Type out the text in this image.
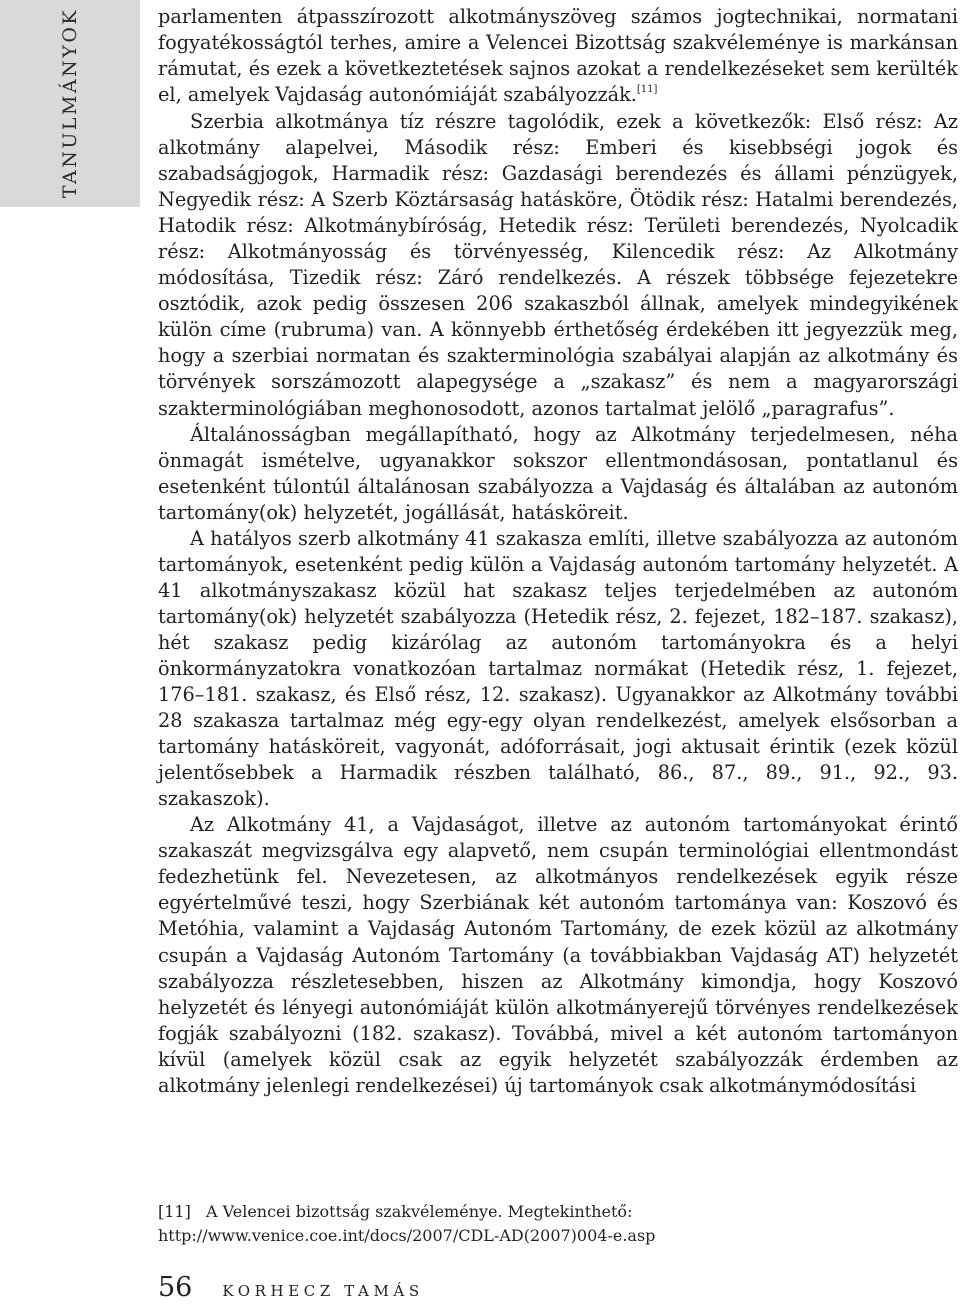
TANULMÁNYOK	parlamenten átpasszírozott alkotmányszöveg számos jogtechnikai, normatani fogyatékosságtól terhes, amire a Velencei Bizottság szakvéleménye is markánsan rámutat, és ezek a következtetések sajnos azokat a rendelkezéseket sem kerülték el, amelyek Vajdaság autonómiáját szabályozzák.[11]

Szerbia alkotmánya tíz részre tagolódik, ezek a következők: Első rész: Az alkotmány alapelvei, Második rész: Emberi és kisebbségi jogok és szabadságjogok, Harmadik rész: Gazdasági berendezés és állami pénzügyek, Negyedik rész: A Szerb Köztársaság hatásköre, Ötödik rész: Hatalmi berendezés, Hatodik rész: Alkotmánybíróság, Hetedik rész: Területi berendezés, Nyolcadik rész: Alkotmányosság és törvényesség, Kilencedik rész: Az Alkotmány módosítása, Tizedik rész: Záró rendelkezés. A részek többsége fejezetekre osztódik, azok pedig összesen 206 szakaszból állnak, amelyek mindegyikének külön címe (rubruma) van. A könnyebb érthetőség érdekében itt jegyezzük meg, hogy a szerbiai normatan és szakterminológia szabályai alapján az alkotmány és törvények sorszámozott alapegysége a „szakasz” és nem a magyarországi szakterminológiában meghonosodott, azonos tartalmat jelölő „paragrafus”.

Általánosságban megállapítható, hogy az Alkotmány terjedelmesen, néha önmagát ismételve, ugyanakkor sokszor ellentmondásosan, pontatlanul és esetenként túlontúl általánosan szabályozza a Vajdaság és általában az autonóm tartomány(ok) helyzetét, jogállását, hatásköreit.

A hatályos szerb alkotmány 41 szakasza említi, illetve szabályozza az autonóm tartományok, esetenként pedig külön a Vajdaság autonóm tartomány helyzetét. A 41 alkotmányszakasz közül hat szakasz teljes terjedelmében az autonóm tartomány(ok) helyzetét szabályozza (Hetedik rész, 2. fejezet, 182–187. szakasz), hét szakasz pedig kizárólag az autonóm tartományokra és a helyi önkormányzatokra vonatkozóan tartalmaz normákat (Hetedik rész, 1. fejezet, 176–181. szakasz, és Első rész, 12. szakasz). Ugyanakkor az Alkotmány további 28 szakasza tartalmaz még egy-egy olyan rendelkezést, amelyek elsősorban a tartomány hatásköreit, vagyonát, adóforrásait, jogi aktusait érintik (ezek közül jelentősebbek a Harmadik részben található, 86., 87., 89., 91., 92., 93. szakaszok).

Az Alkotmány 41, a Vajdaságot, illetve az autonóm tartományokat érintő szakaszát megvizsgálva egy alapvető, nem csupán terminológiai ellentmondást fedezhetünk fel. Nevezetesen, az alkotmányos rendelkezések egyik része egyértelművé teszi, hogy Szerbiának két autonóm tartománya van: Koszovó és Metóhia, valamint a Vajdaság Autonóm Tartomány, de ezek közül az alkotmány csupán a Vajdaság Autonóm Tartomány (a továbbiakban Vajdaság AT) helyzetét szabályozza részletesebben, hiszen az Alkotmány kimondja, hogy Koszovó helyzetét és lényegi autonómiáját külön alkotmányerejű törvényes rendelkezések fogják szabályozni (182. szakasz). Továbbá, mivel a két autonóm tartományon kívül (amelyek közül csak az egyik helyzetét szabályozzák érdemben az alkotmány jelenlegi rendelkezései) új tartományok csak alkotmánymódosítási

[11] A Velencei bizottság szakvéleménye. Megtekinthető: http://www.venice.coe.int/docs/2007/CDL-AD(2007)004-e.asp
56 KORHECZ TAMÁS
